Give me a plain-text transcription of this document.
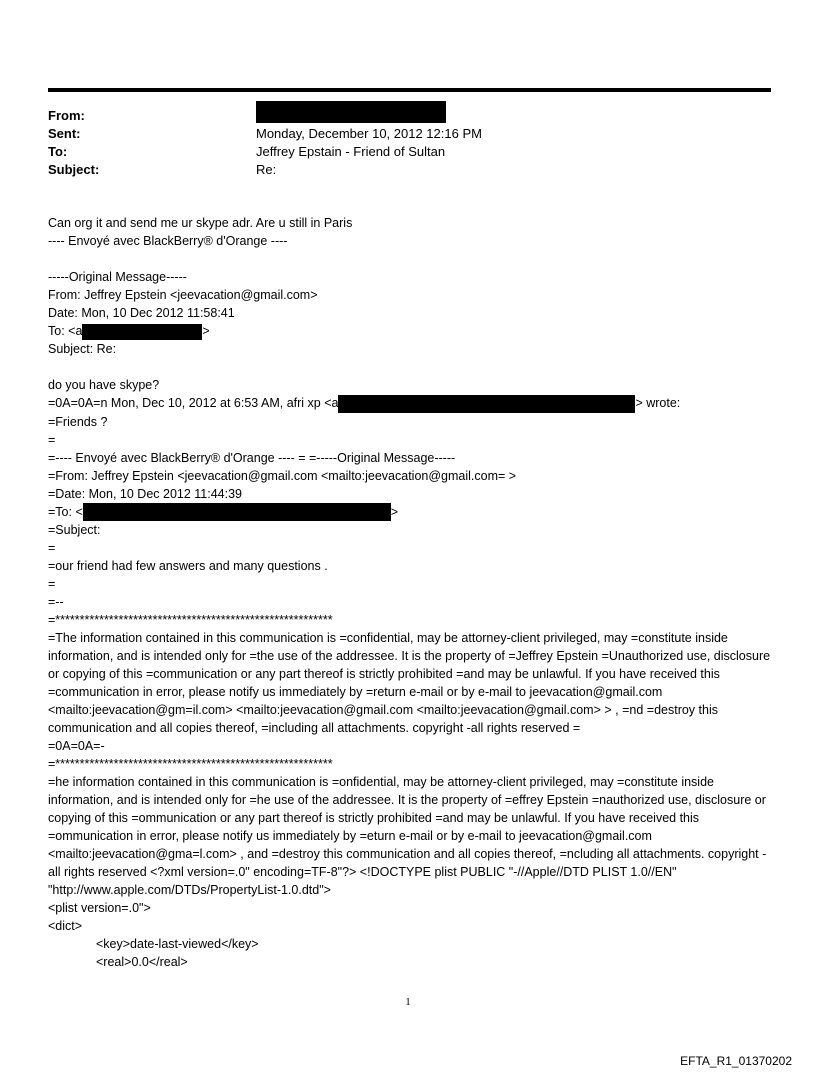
From:
Sent:	Monday, December 10, 2012 12:16 PM
To:	Jeffrey Epstain - Friend of Sultan
Subject:	Re:

Can org it and send me ur skype adr. Are u still in Paris

---- Envoyé avec BlackBerry® d'Orange ----

-----Original Message-----

From: Jeffrey Epstein <jeevacation@gmail.com>

Date: Mon, 10 Dec 2012 11:58:41

To: <a	>

Subject: Re:

do you have skype?

=0A=0A=n Mon, Dec 10, 2012 at 6:53 AM, afri xp <a	> wrote:

=Friends ?

=

=---- Envoyé avec BlackBerry® d'Orange ---- = =-----Original Message-----

=From: Jeffrey Epstein <jeevacation@gmail.com <mailto:jeevacation@gmail.com= >

=Date: Mon, 10 Dec 2012 11:44:39

=To: <	>

=Subject:

=

=our friend had few answers and many questions .

=

=--

=*********************************************************

=The information contained in this communication is =confidential, may be attorney-client privileged, may =constitute inside information, and is intended only for =the use of the addressee. It is the property of =Jeffrey Epstein =Unauthorized use, disclosure or copying of this =communication or any part thereof is strictly prohibited =and may be unlawful. If you have received this =communication in error, please notify us immediately by =return e-mail or by e-mail to jeevacation@gmail.com <mailto:jeevacation@gm=il.com> <mailto:jeevacation@gmail.com <mailto:jeevacation@gmail.com> > , =nd =destroy this communication and all copies thereof, =including all attachments. copyright -all rights reserved =

=0A=0A=-

=*********************************************************

=he information contained in this communication is =onfidential, may be attorney-client privileged, may =constitute inside information, and is intended only for =he use of the addressee. It is the property of =effrey Epstein =nauthorized use, disclosure or copying of this =ommunication or any part thereof is strictly prohibited =and may be unlawful. If you have received this =ommunication in error, please notify us immediately by =eturn e-mail or by e-mail to jeevacation@gmail.com <mailto:jeevacation@gma=l.com> , and =destroy this communication and all copies thereof, =ncluding all attachments. copyright -all rights reserved <?xml version=.0" encoding=TF-8"?> <!DOCTYPE plist PUBLIC "-//Apple//DTD PLIST 1.0//EN" "http://www.apple.com/DTDs/PropertyList-1.0.dtd">

<plist version=.0">

<dict>

<key>date-last-viewed</key>

<real>0.0</real>

1
EFTA_R1_01370202
